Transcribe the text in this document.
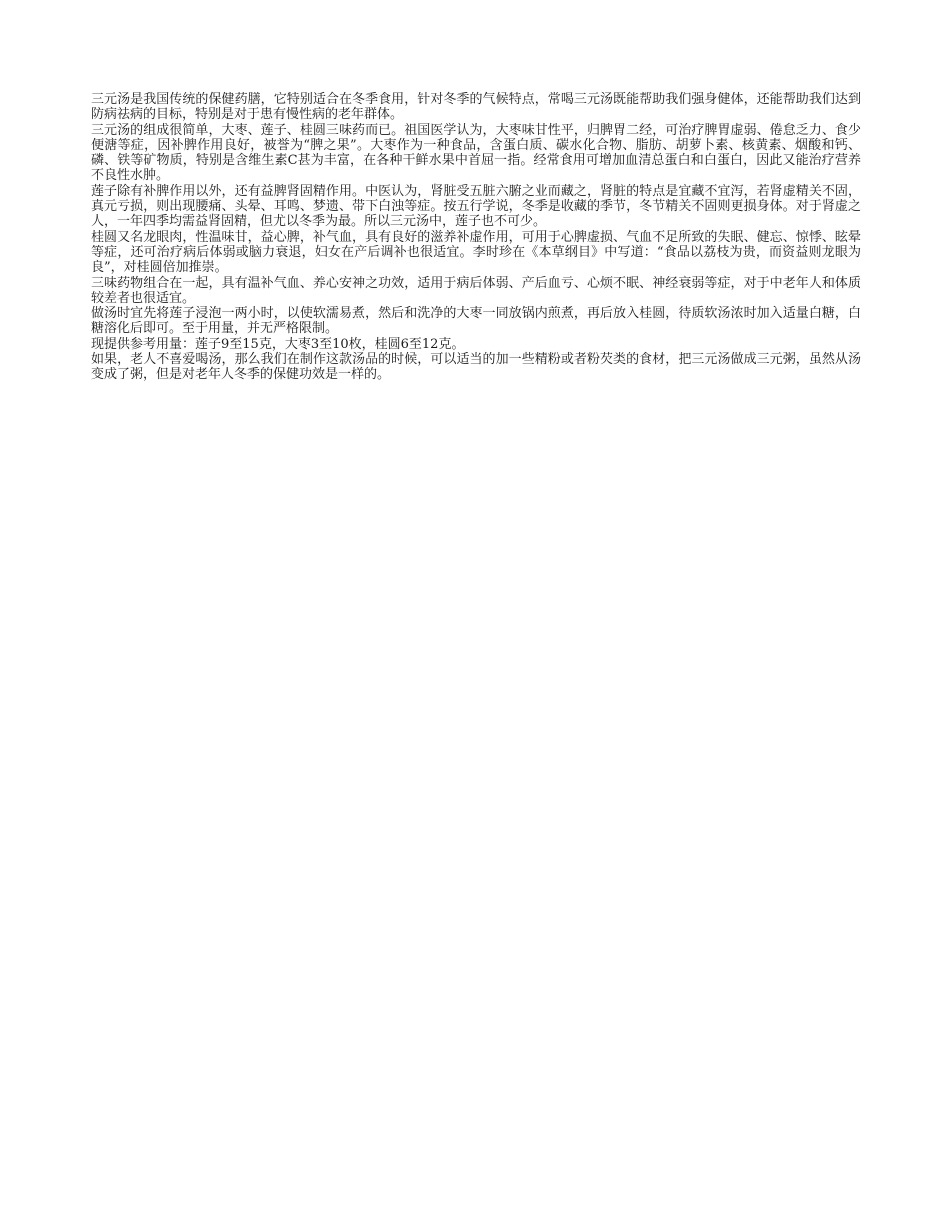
三元汤是我国传统的保健药膳，它特别适合在冬季食用，针对冬季的气候特点，常喝三元汤既能帮助我们强身健体，还能帮助我们达到防病祛病的目标，特别是对于患有慢性病的老年群体。

三元汤的组成很简单，大枣、莲子、桂圆三味药而已。祖国医学认为，大枣味甘性平，归脾胃二经，可治疗脾胃虚弱、倦怠乏力、食少便溏等症，因补脾作用良好，被誉为“脾之果”。大枣作为一种食品，含蛋白质、碳水化合物、脂肪、胡萝卜素、核黄素、烟酸和钙、磷、铁等矿物质，特别是含维生素C甚为丰富，在各种干鲜水果中首屈一指。经常食用可增加血清总蛋白和白蛋白，因此又能治疗营养不良性水肿。

莲子除有补脾作用以外，还有益脾肾固精作用。中医认为，肾脏受五脏六腑之业而藏之，肾脏的特点是宜藏不宜泻，若肾虚精关不固，真元亏损，则出现腰痛、头晕、耳鸣、梦遗、带下白浊等症。按五行学说，冬季是收藏的季节，冬节精关不固则更损身体。对于肾虚之人，一年四季均需益肾固精，但尤以冬季为最。所以三元汤中，莲子也不可少。

桂圆又名龙眼肉，性温味甘，益心脾，补气血，具有良好的滋养补虚作用，可用于心脾虚损、气血不足所致的失眠、健忘、惊悸、眩晕等症，还可治疗病后体弱或脑力衰退，妇女在产后调补也很适宜。李时珍在《本草纲目》中写道：“食品以荔枝为贵，而资益则龙眼为良”，对桂圆倍加推崇。

三味药物组合在一起，具有温补气血、养心安神之功效，适用于病后体弱、产后血亏、心烦不眠、神经衰弱等症，对于中老年人和体质较差者也很适宜。

做汤时宜先将莲子浸泡一两小时，以使软濡易煮，然后和洗净的大枣一同放锅内煎煮，再后放入桂圆，待质软汤浓时加入适量白糖，白糖溶化后即可。至于用量，并无严格限制。

现提供参考用量：莲子9至15克，大枣3至10枚，桂圆6至12克。

如果，老人不喜爱喝汤，那么我们在制作这款汤品的时候，可以适当的加一些精粉或者粉芡类的食材，把三元汤做成三元粥，虽然从汤变成了粥，但是对老年人冬季的保健功效是一样的。
